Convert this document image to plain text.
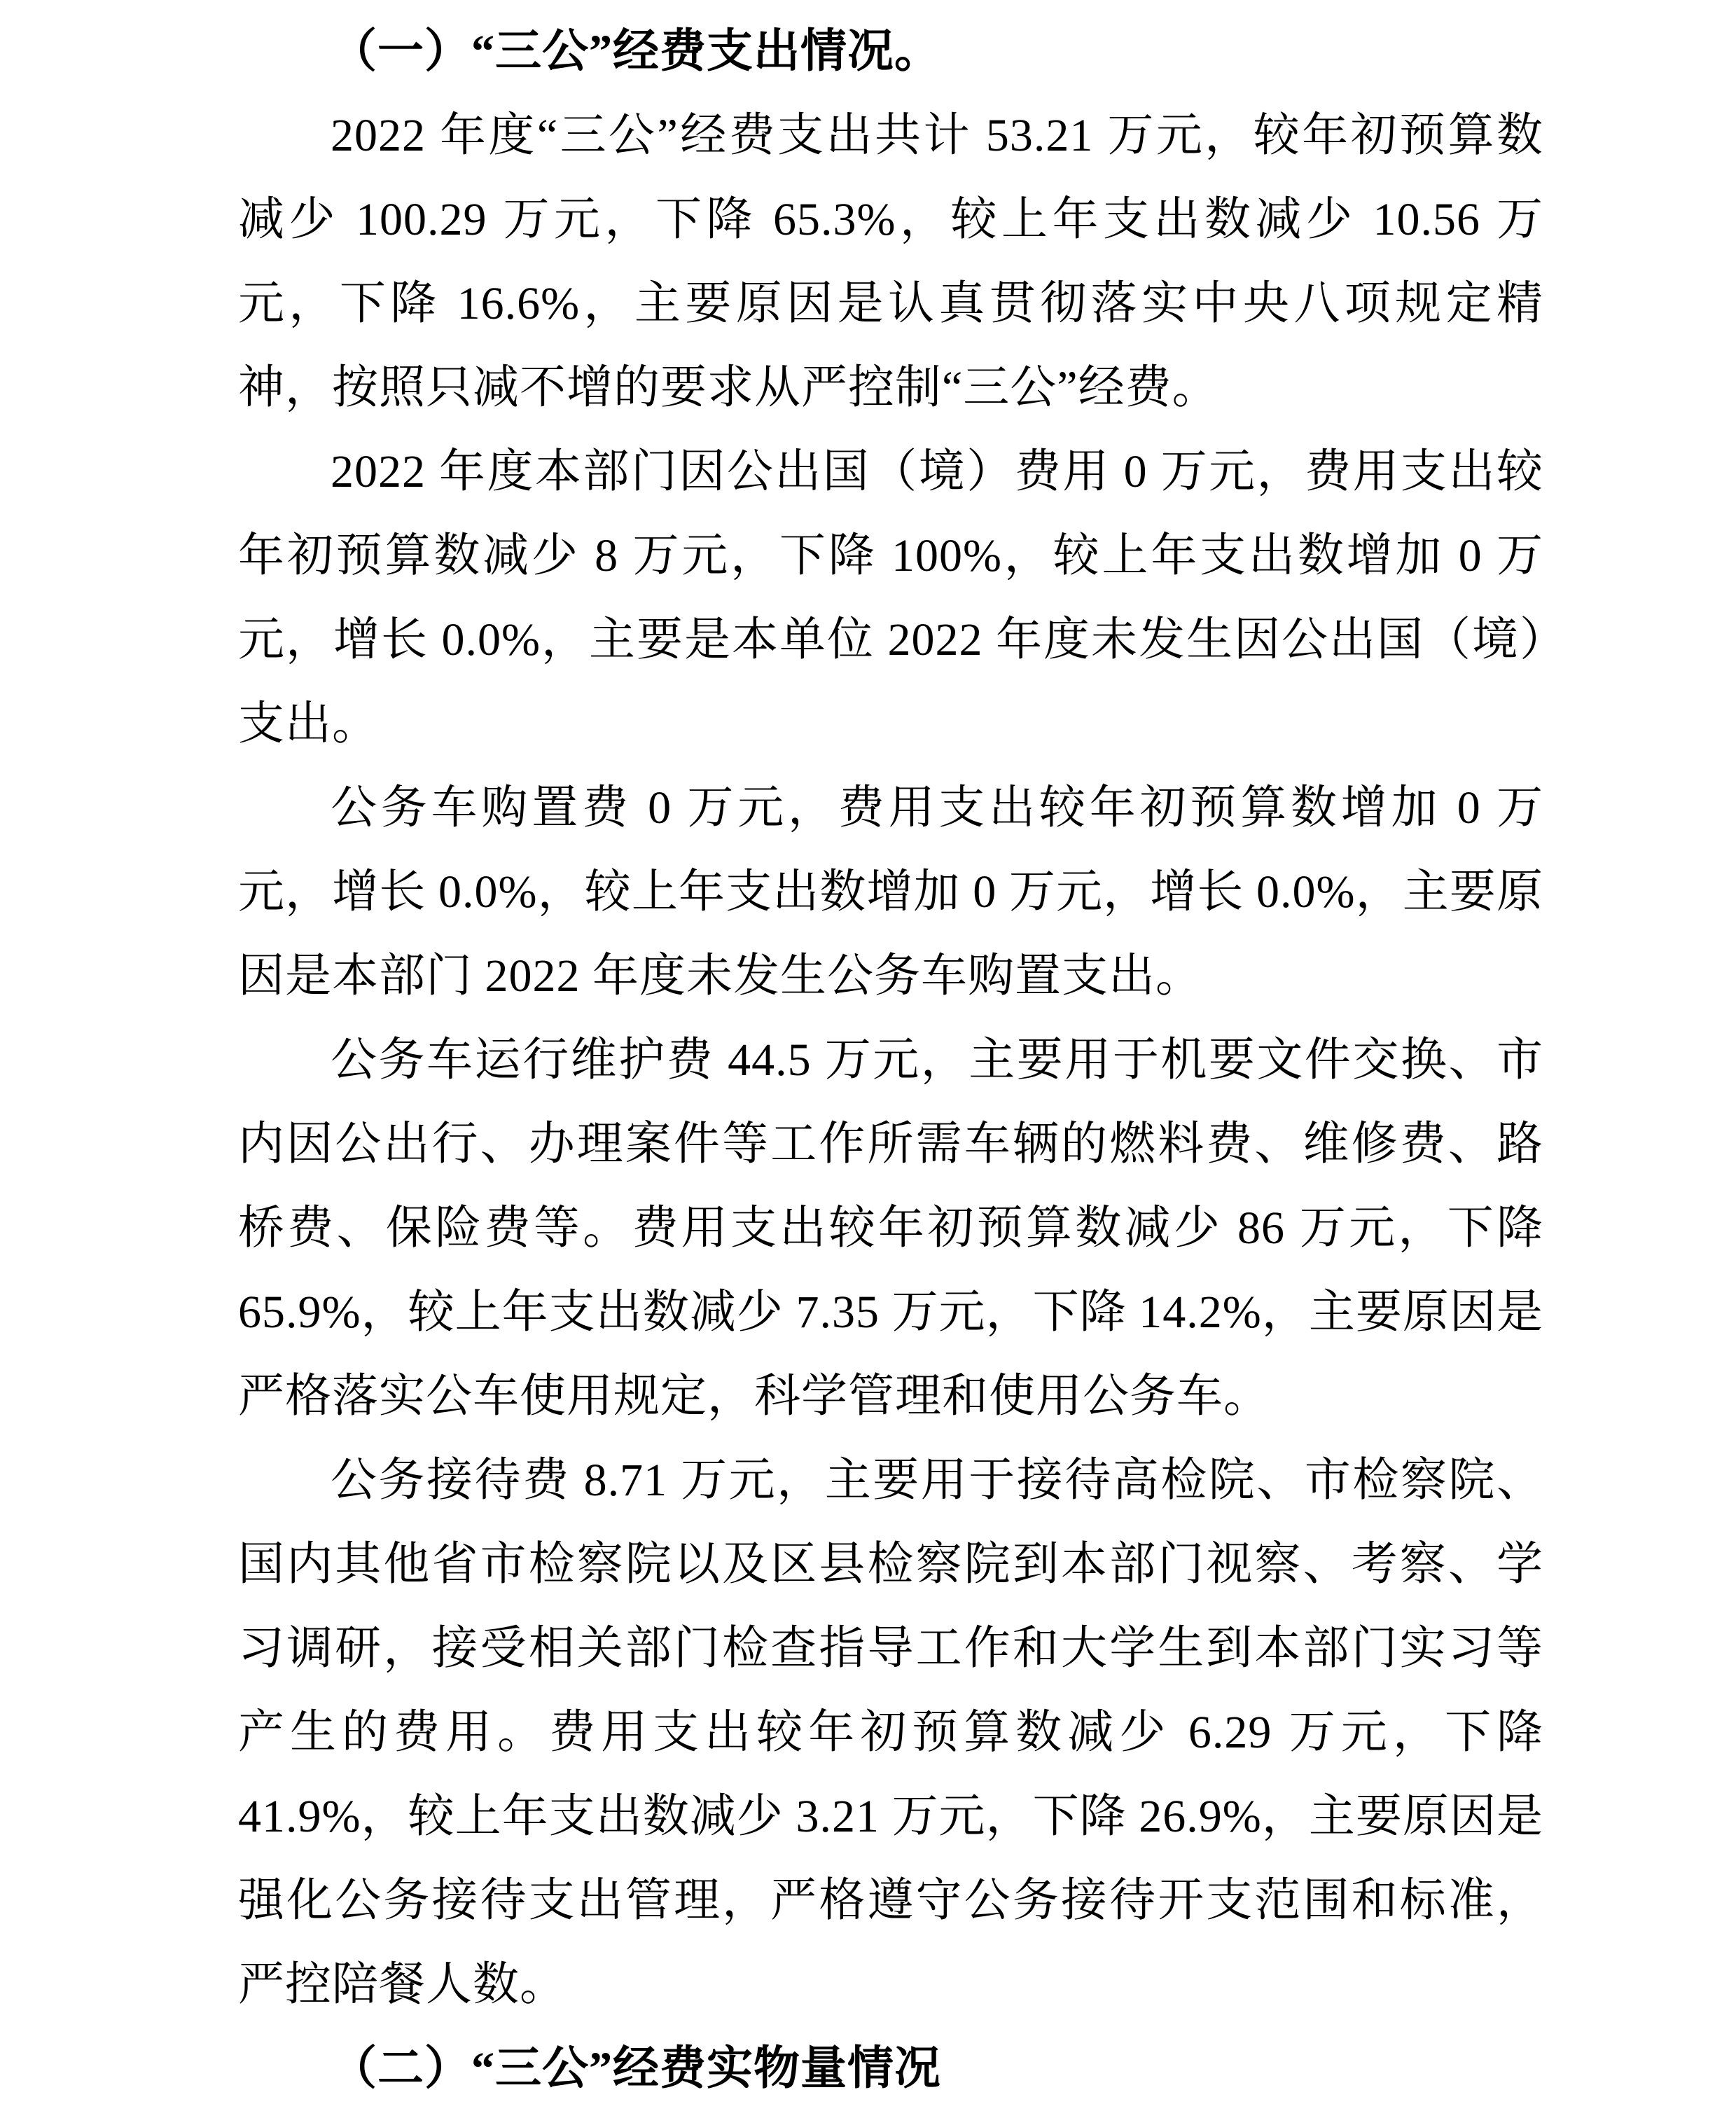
（一）“三公”经费支出情况。

2022 年度“三公”经费支出共计 53.21 万元，较年初预算数减少 100.29 万元，下降 65.3%，较上年支出数减少 10.56 万元，下降 16.6%，主要原因是认真贯彻落实中央八项规定精神，按照只减不增的要求从严控制“三公”经费。

2022 年度本部门因公出国（境）费用 0 万元，费用支出较年初预算数减少 8 万元，下降 100%，较上年支出数增加 0 万元，增长 0.0%，主要是本单位 2022 年度未发生因公出国（境）支出。

公务车购置费 0 万元，费用支出较年初预算数增加 0 万元，增长 0.0%，较上年支出数增加 0 万元，增长 0.0%，主要原因是本部门 2022 年度未发生公务车购置支出。

公务车运行维护费 44.5 万元，主要用于机要文件交换、市内因公出行、办理案件等工作所需车辆的燃料费、维修费、路桥费、保险费等。费用支出较年初预算数减少 86 万元，下降 65.9%，较上年支出数减少 7.35 万元，下降 14.2%，主要原因是严格落实公车使用规定，科学管理和使用公务车。

公务接待费 8.71 万元，主要用于接待高检院、市检察院、国内其他省市检察院以及区县检察院到本部门视察、考察、学习调研，接受相关部门检查指导工作和大学生到本部门实习等产生的费用。费用支出较年初预算数减少 6.29 万元，下降 41.9%，较上年支出数减少 3.21 万元，下降 26.9%，主要原因是强化公务接待支出管理，严格遵守公务接待开支范围和标准，严控陪餐人数。

（二）“三公”经费实物量情况
